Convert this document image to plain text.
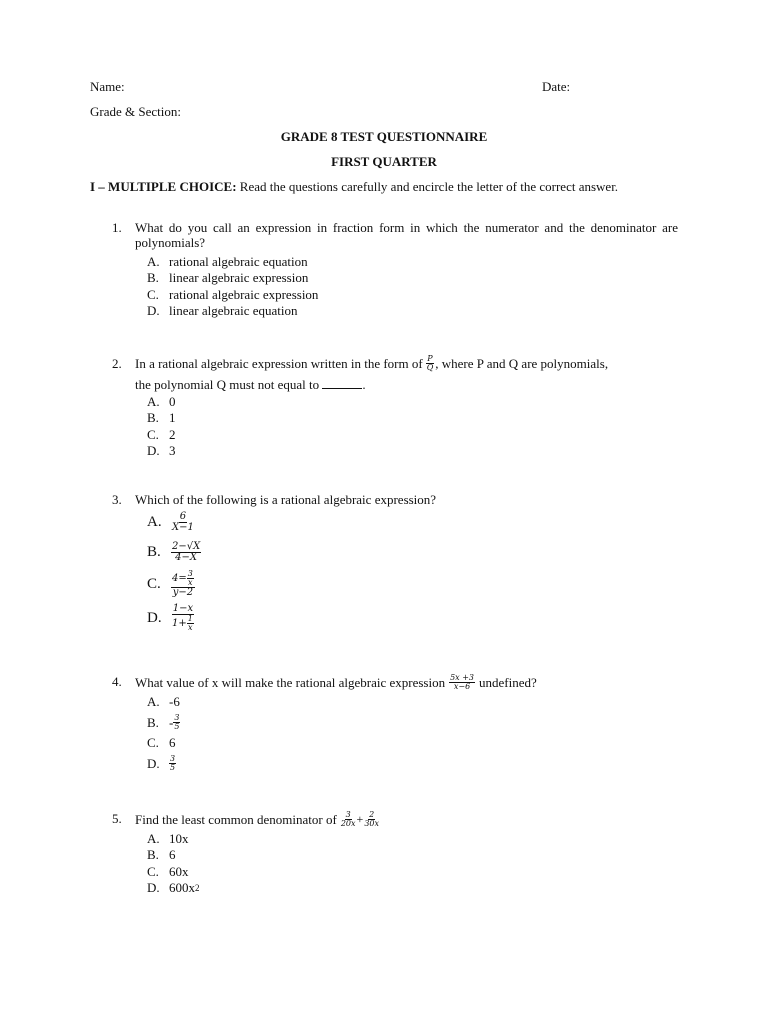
Name:	Date:
Grade & Section:
GRADE 8 TEST QUESTIONNAIRE
FIRST QUARTER
I – MULTIPLE CHOICE: Read the questions carefully and encircle the letter of the correct answer.
1. What do you call an expression in fraction form in which the numerator and the denominator are polynomials?
A. rational algebraic equation
B. linear algebraic expression
C. rational algebraic expression
D. linear algebraic equation
2. In a rational algebraic expression written in the form of $\frac{P}{Q}$ , where P and Q are polynomials,
the polynomial Q must not equal to	.
A. 0
B. 1
C. 2
D. 3
3. Which of the following is a rational algebraic expression?
A. $\frac{6}{X-1}$
B.	$\frac{2-√X}{4-X}$
C.	$\frac{4= \frac{3}{x}}{y-2}$
D. $\frac{1-x}{1+ \frac{1}{x}}$
4. What value of x will make the rational algebraic expression $\frac{5x +3}{x-6}$ undefined?
A. -6
B. - $\frac{3}{5}$
C. 6
D.	$\frac{3}{5}$
5. Find the least common denominator of $\frac{3}{20x} + \frac{2}{30x}$
A. 10x
B. 6
C. 60x
D. 600x 2
